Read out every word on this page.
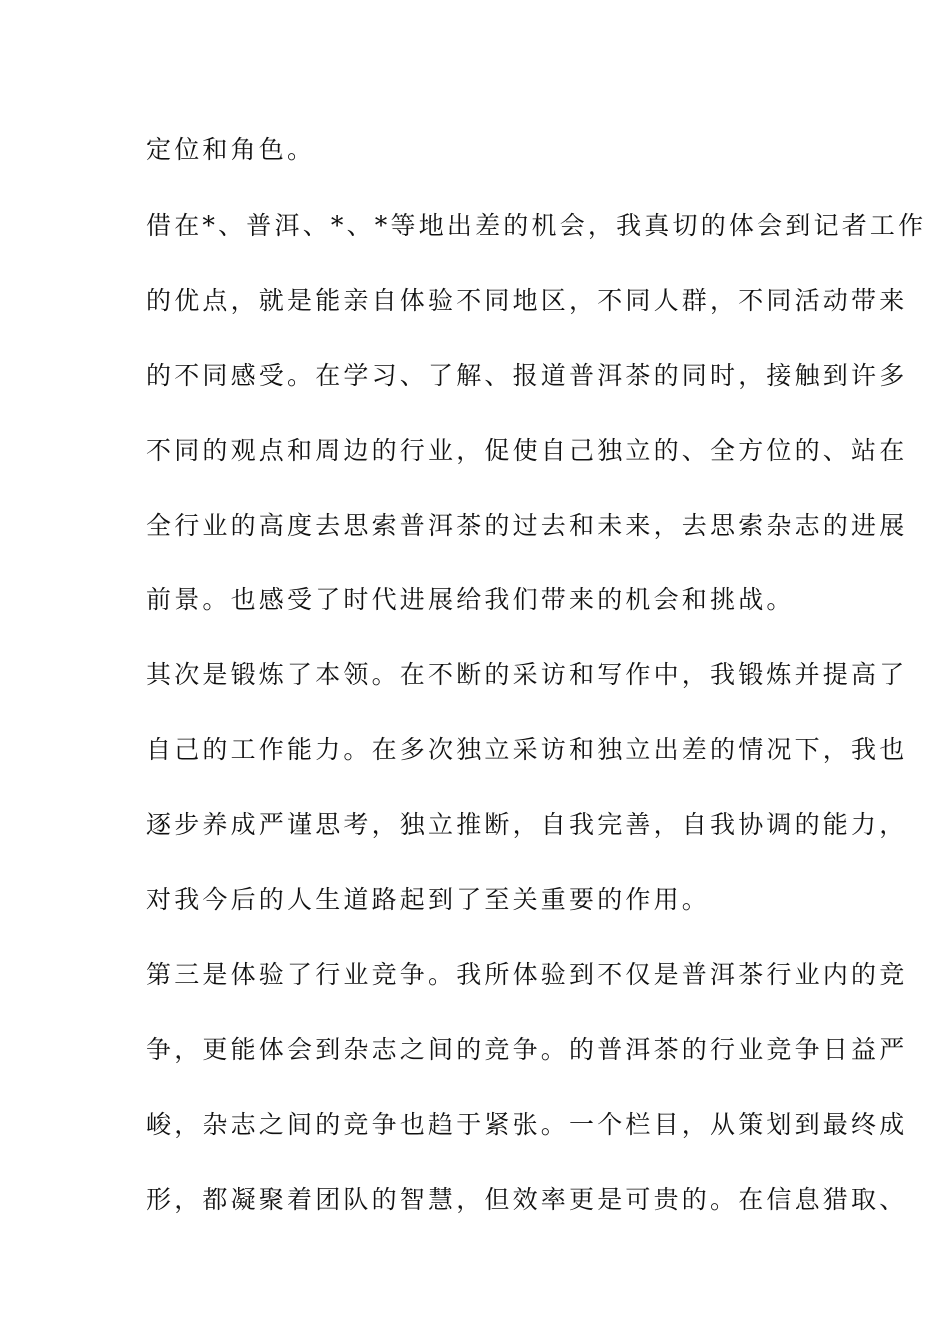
定位和角色。
借在*、普洱、*、*等地出差的机会，我真切的体会到记者工作
的优点，就是能亲自体验不同地区，不同人群，不同活动带来
的不同感受。在学习、了解、报道普洱茶的同时，接触到许多
不同的观点和周边的行业，促使自己独立的、全方位的、站在
全行业的高度去思索普洱茶的过去和未来，去思索杂志的进展
前景。也感受了时代进展给我们带来的机会和挑战。
其次是锻炼了本领。在不断的采访和写作中，我锻炼并提高了
自己的工作能力。在多次独立采访和独立出差的情况下，我也
逐步养成严谨思考，独立推断，自我完善，自我协调的能力，
对我今后的人生道路起到了至关重要的作用。
第三是体验了行业竞争。我所体验到不仅是普洱茶行业内的竞
争，更能体会到杂志之间的竞争。的普洱茶的行业竞争日益严
峻，杂志之间的竞争也趋于紧张。一个栏目，从策划到最终成
形，都凝聚着团队的智慧，但效率更是可贵的。在信息猎取、
